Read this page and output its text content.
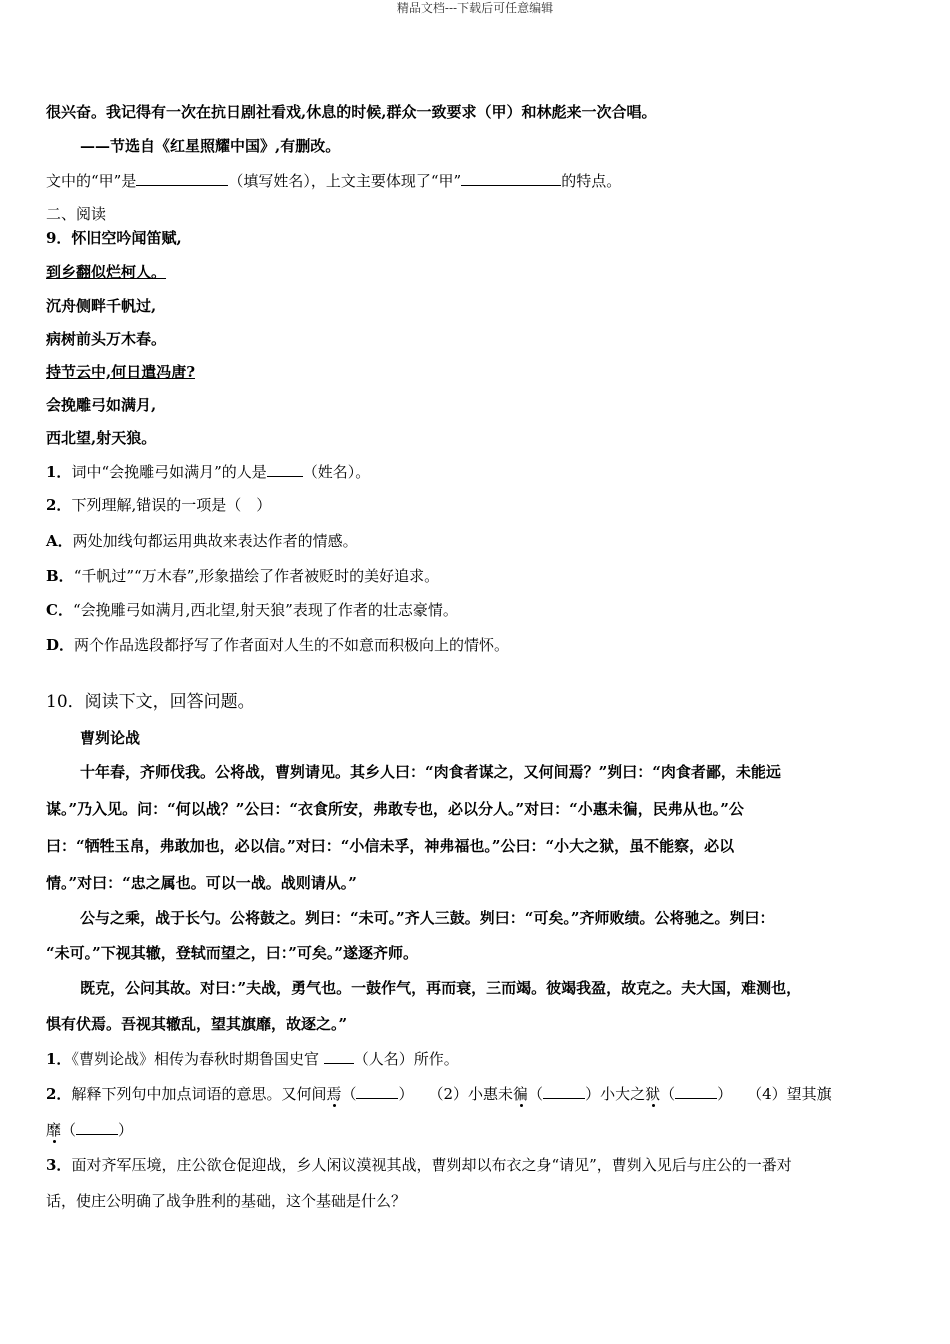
精品文档---下载后可任意编辑
很兴奋。我记得有一次在抗日剧社看戏,休息的时候,群众一致要求（甲）和林彪来一次合唱。
——节选自《红星照耀中国》,有删改。
文中的“甲”是	（填写姓名），上文主要体现了“甲”	的特点。
二、阅读
9．怀旧空吟闻笛赋,
到乡翻似烂柯人。
沉舟侧畔千帆过,
病树前头万木春。
持节云中,何日遣冯唐?
会挽雕弓如满月,
西北望,射天狼。
1．词中“会挽雕弓如满月”的人是 （姓名）。
2．下列理解,错误的一项是（　）
A．两处加线句都运用典故来表达作者的情感。
B．“千帆过”“万木春”,形象描绘了作者被贬时的美好追求。
C．“会挽雕弓如满月,西北望,射天狼”表现了作者的壮志豪情。
D．两个作品选段都抒写了作者面对人生的不如意而积极向上的情怀。
10．阅读下文，回答问题。
曹刿论战
十年春，齐师伐我。公将战，曹刿请见。其乡人曰：“肉食者谋之，又何间焉？”刿曰：“肉食者鄙，未能远
谋。”乃入见。问：“何以战？”公曰：“衣食所安，弗敢专也，必以分人。”对曰：“小惠未徧，民弗从也。”公
曰：“牺牲玉帛，弗敢加也，必以信。”对曰：“小信未孚，神弗福也。”公曰：“小大之狱，虽不能察，必以
情。”对曰：“忠之属也。可以一战。战则请从。”
公与之乘，战于长勺。公将鼓之。刿曰：“未可。”齐人三鼓。刿曰：“可矣。”齐师败绩。公将驰之。刿曰：
“未可。”下视其辙，登轼而望之，曰：”可矣。”遂逐齐师。
既克，公问其故。对曰：”夫战，勇气也。一鼓作气，再而衰，三而竭。彼竭我盈，故克之。夫大国，难测也，
惧有伏焉。吾视其辙乱，望其旗靡，故逐之。”
1．《曹刿论战》相传为春秋时期鲁国史官 （人名）所作。
2．解释下列句中加点词语的意思。又何间焉（	）　　（2）小惠未徧（	）小大之狱（	）　　（4）望其旗
靡（	）
3．面对齐军压境，庄公欲仓促迎战，乡人闲议漠视其战，曹刿却以布衣之身“请见”，曹刿入见后与庄公的一番对
话，使庄公明确了战争胜利的基础，这个基础是什么？
